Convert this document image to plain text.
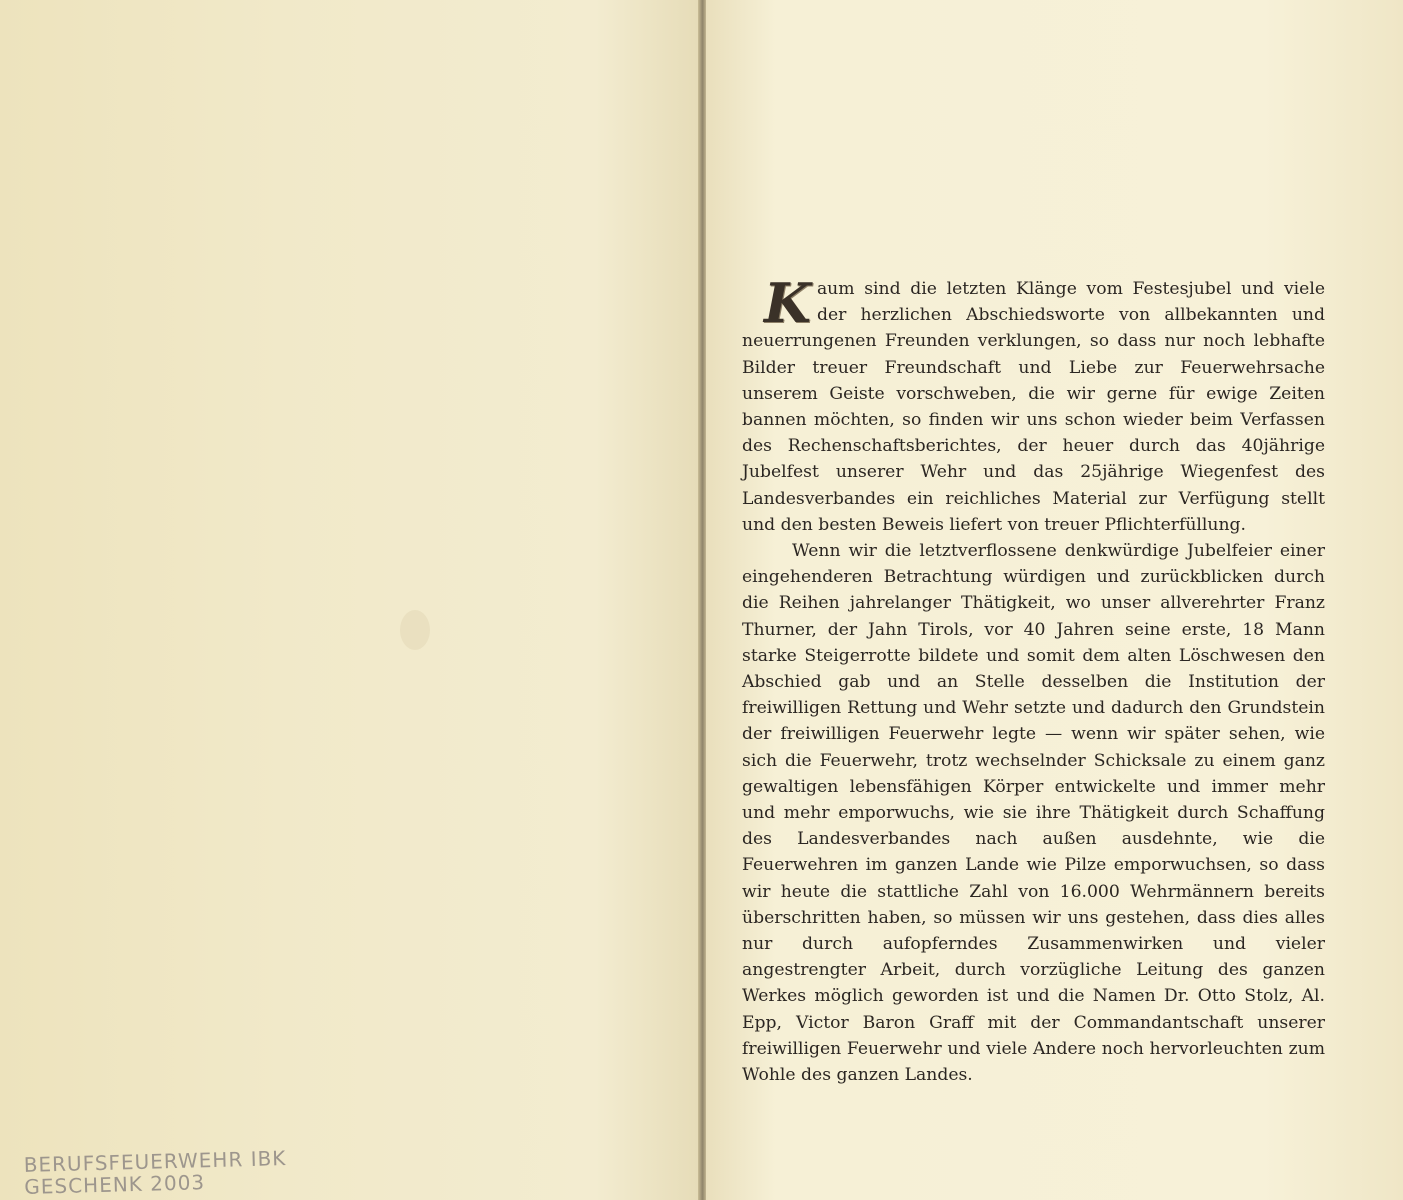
BERUFSFEUERWEHR IBK
GESCHENK 2003

Kaum sind die letzten Klänge vom Festesjubel und viele der herzlichen Abschiedsworte von allbekannten und neuerrungenen Freunden verklungen, so dass nur noch lebhafte Bilder treuer Freundschaft und Liebe zur Feuerwehrsache unserem Geiste vorschweben, die wir gerne für ewige Zeiten bannen möchten, so finden wir uns schon wieder beim Verfassen des Rechenschaftsberichtes, der heuer durch das 40jährige Jubelfest unserer Wehr und das 25jährige Wiegenfest des Landesverbandes ein reichliches Material zur Verfügung stellt und den besten Beweis liefert von treuer Pflichterfüllung.

Wenn wir die letztverflossene denkwürdige Jubelfeier einer eingehenderen Betrachtung würdigen und zurückblicken durch die Reihen jahrelanger Thätigkeit, wo unser allverehrter Franz Thurner, der Jahn Tirols, vor 40 Jahren seine erste, 18 Mann starke Steigerrotte bildete und somit dem alten Löschwesen den Abschied gab und an Stelle desselben die Institution der freiwilligen Rettung und Wehr setzte und dadurch den Grundstein der freiwilligen Feuerwehr legte — wenn wir später sehen, wie sich die Feuerwehr, trotz wechselnder Schicksale zu einem ganz gewaltigen lebensfähigen Körper entwickelte und immer mehr und mehr emporwuchs, wie sie ihre Thätigkeit durch Schaffung des Landesverbandes nach außen ausdehnte, wie die Feuerwehren im ganzen Lande wie Pilze emporwuchsen, so dass wir heute die stattliche Zahl von 16.000 Wehrmännern bereits überschritten haben, so müssen wir uns gestehen, dass dies alles nur durch aufopferndes Zusammenwirken und vieler angestrengter Arbeit, durch vorzügliche Leitung des ganzen Werkes möglich geworden ist und die Namen Dr. Otto Stolz, Al. Epp, Victor Baron Graff mit der Commandantschaft unserer freiwilligen Feuerwehr und viele Andere noch hervorleuchten zum Wohle des ganzen Landes.
